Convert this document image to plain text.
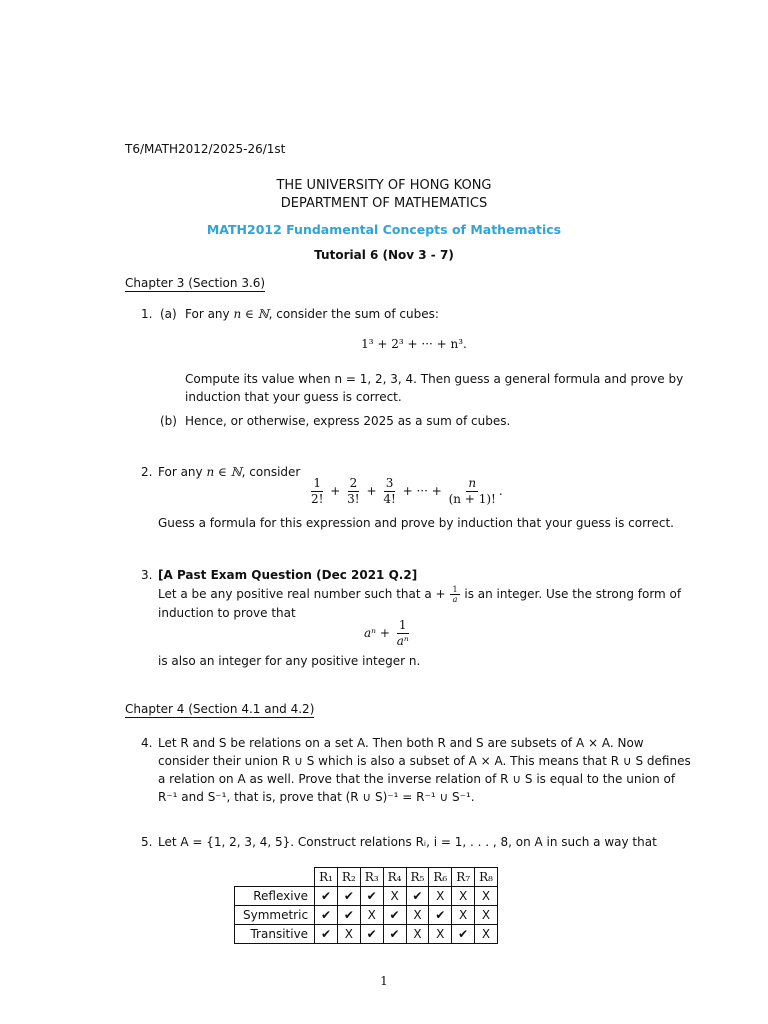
T6/MATH2012/2025-26/1st
THE UNIVERSITY OF HONG KONG
DEPARTMENT OF MATHEMATICS
MATH2012 Fundamental Concepts of Mathematics
Tutorial 6 (Nov 3 - 7)
Chapter 3 (Section 3.6)
1. (a) For any n ∈ ℕ, consider the sum of cubes:
1³ + 2³ + ··· + n³.
Compute its value when n = 1, 2, 3, 4. Then guess a general formula and prove by
induction that your guess is correct.
(b) Hence, or otherwise, express 2025 as a sum of cubes.
2. For any n ∈ ℕ, consider
$\frac{1}{2!} + \frac{2}{3!} + \frac{3}{4!}$ + ··· + $\frac{n}{(n + 1)!}$ .
Guess a formula for this expression and prove by induction that your guess is correct.
3. [A Past Exam Question (Dec 2021 Q.2]
Let a be any positive real number such that $a + \frac{1}{a}$ is an integer. Use the strong form of
induction to prove that
$a^n + \frac{1}{\text{aⁿ}}$
is also an integer for any positive integer n.
Chapter 4 (Section 4.1 and 4.2)
4. Let R and S be relations on a set A. Then both R and S are subsets of A × A. Now
consider their union R ∪ S which is also a subset of A × A. This means that R ∪ S defines
a relation on A as well. Prove that the inverse relation of R ∪ S is equal to the union of
R⁻¹ and S⁻¹, that is, prove that (R ∪ S)⁻¹ = R⁻¹ ∪ S⁻¹.
5. Let A = {1, 2, 3, 4, 5}. Construct relations Rᵢ, i = 1, . . . , 8, on A in such a way that
	R₁	R₂	R₃	R₄	R₅	R₆	R₇	R₈
Reflexive	✔	✔	✔	X	✔	X	X	X
Symmetric	✔	✔	X	✔	X	✔	X	X
Transitive	✔	X	✔	✔	X	X	✔	X
1
